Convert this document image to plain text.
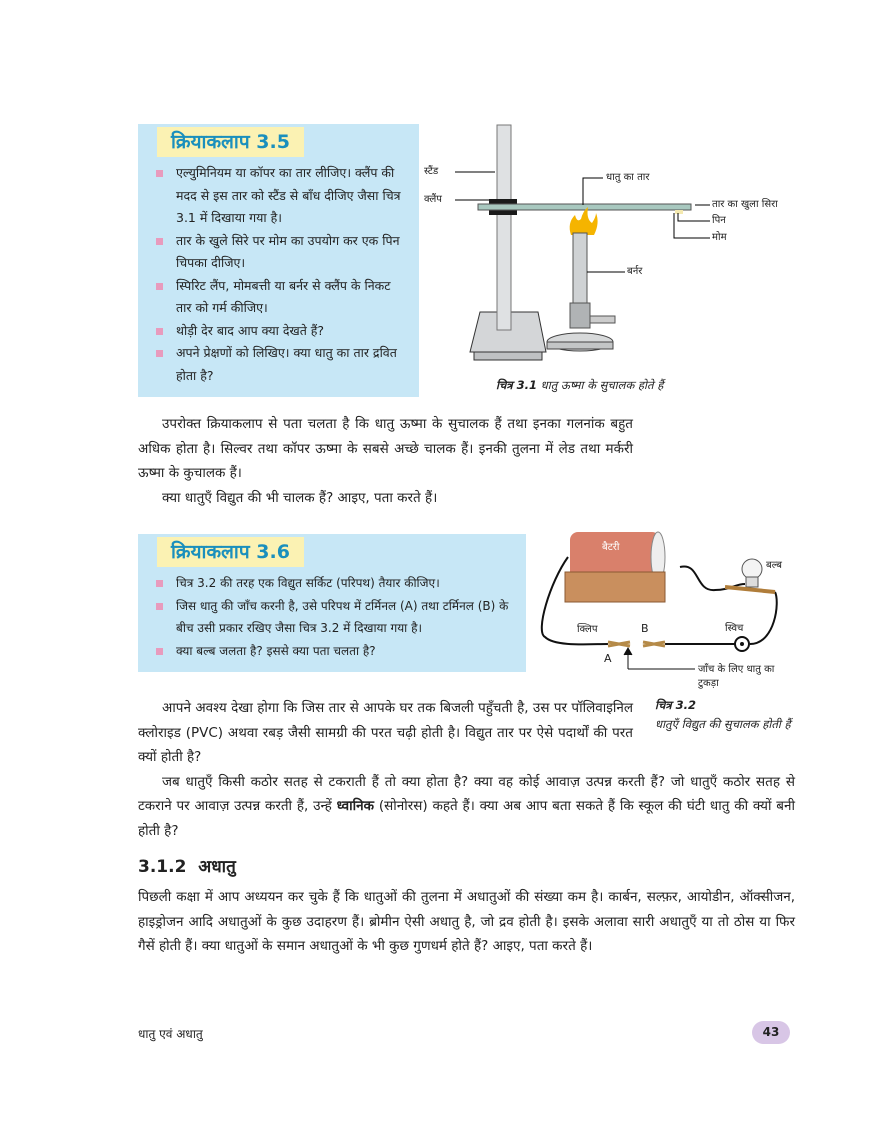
क्रियाकलाप 3.5
एल्युमिनियम या कॉपर का तार लीजिए। क्लैंप की मदद से इस तार को स्टैंड से बाँध दीजिए जैसा चित्र 3.1 में दिखाया गया है।
तार के खुले सिरे पर मोम का उपयोग कर एक पिन चिपका दीजिए।
स्पिरिट लैंप, मोमबत्ती या बर्नर से क्लैंप के निकट तार को गर्म कीजिए।
थोड़ी देर बाद आप क्या देखते हैं?
अपने प्रेक्षणों को लिखिए। क्या धातु का तार द्रवित होता है?
स्टैंड
क्लैंप
धातु का तार
तार का खुला सिरा
पिन
मोम
बर्नर
चित्र 3.1 धातु ऊष्मा के सुचालक होते हैं

उपरोक्त क्रियाकलाप से पता चलता है कि धातु ऊष्मा के सुचालक हैं तथा इनका गलनांक बहुत अधिक होता है। सिल्वर तथा कॉपर ऊष्मा के सबसे अच्छे चालक हैं। इनकी तुलना में लेड तथा मर्करी ऊष्मा के कुचालक हैं।
क्या धातुएँ विद्युत की भी चालक हैं? आइए, पता करते हैं।

क्रियाकलाप 3.6
चित्र 3.2 की तरह एक विद्युत सर्किट (परिपथ) तैयार कीजिए।
जिस धातु की जाँच करनी है, उसे परिपथ में टर्मिनल (A) तथा टर्मिनल (B) के बीच उसी प्रकार रखिए जैसा चित्र 3.2 में दिखाया गया है।
क्या बल्ब जलता है? इससे क्या पता चलता है?
बैटरी
बल्ब
क्लिप	B
A
स्विच
जाँच के लिए धातु का टुकड़ा
चित्र 3.2
धातुएँ विद्युत की सुचालक होती हैं

आपने अवश्य देखा होगा कि जिस तार से आपके घर तक बिजली पहुँचती है, उस पर पॉलिवाइनिल क्लोराइड (PVC) अथवा रबड़ जैसी सामग्री की परत चढ़ी होती है। विद्युत तार पर ऐसे पदार्थों की परत क्यों होती है?

जब धातुएँ किसी कठोर सतह से टकराती हैं तो क्या होता है? क्या वह कोई आवाज़ उत्पन्न करती हैं? जो धातुएँ कठोर सतह से टकराने पर आवाज़ उत्पन्न करती हैं, उन्हें ध्वानिक (सोनोरस) कहते हैं। क्या अब आप बता सकते हैं कि स्कूल की घंटी धातु की क्यों बनी होती है?

3.1.2  अधातु

पिछली कक्षा में आप अध्ययन कर चुके हैं कि धातुओं की तुलना में अधातुओं की संख्या कम है। कार्बन, सल्फ़र, आयोडीन, ऑक्सीजन, हाइड्रोजन आदि अधातुओं के कुछ उदाहरण हैं। ब्रोमीन ऐसी अधातु है, जो द्रव होती है। इसके अलावा सारी अधातुएँ या तो ठोस या फिर गैसें होती हैं। क्या धातुओं के समान अधातुओं के भी कुछ गुणधर्म होते हैं? आइए, पता करते हैं।

धातु एवं अधातु	43
